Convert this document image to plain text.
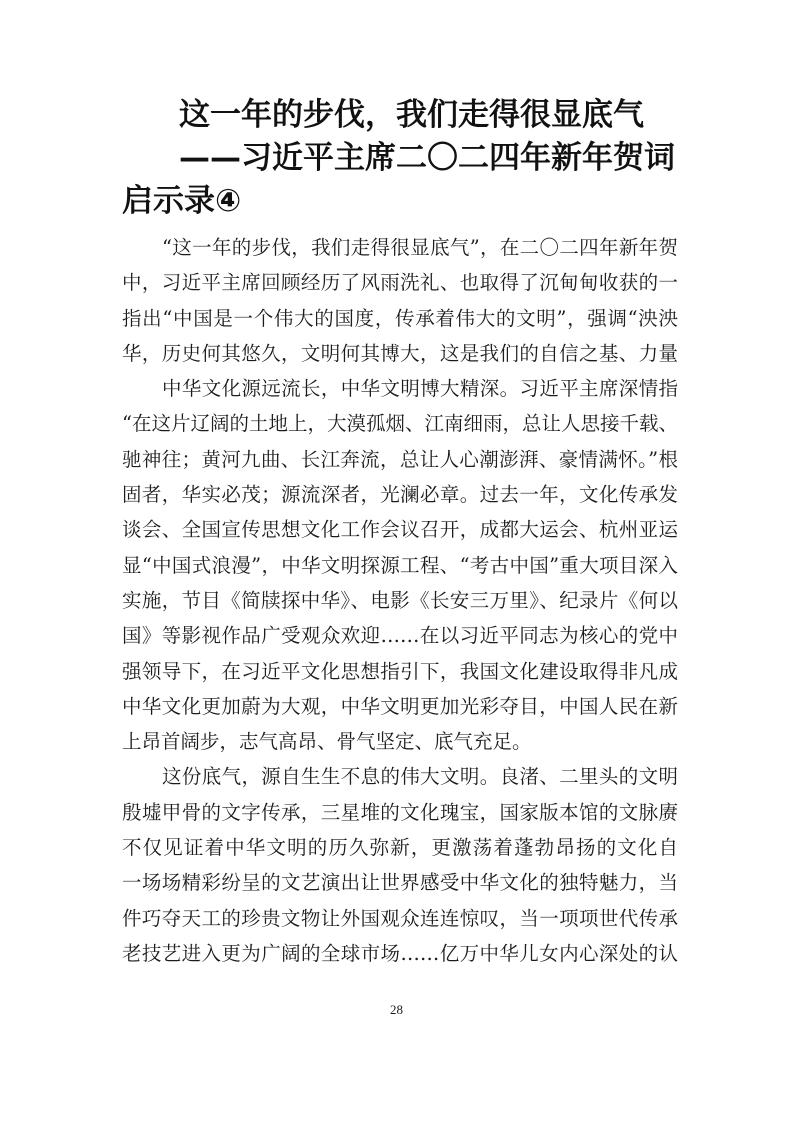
这一年的步伐，我们走得很显底气
——习近平主席二〇二四年新年贺词
启示录④
“这一年的步伐，我们走得很显底气”，在二〇二四年新年贺
中，习近平主席回顾经历了风雨洗礼、也取得了沉甸甸收获的一
指出“中国是一个伟大的国度，传承着伟大的文明”，强调“泱泱
华，历史何其悠久，文明何其博大，这是我们的自信之基、力量
中华文化源远流长，中华文明博大精深。习近平主席深情指
“在这片辽阔的土地上，大漠孤烟、江南细雨，总让人思接千载、
驰神往；黄河九曲、长江奔流，总让人心潮澎湃、豪情满怀。”根
固者，华实必茂；源流深者，光澜必章。过去一年，文化传承发
谈会、全国宣传思想文化工作会议召开，成都大运会、杭州亚运
显“中国式浪漫”，中华文明探源工程、“考古中国”重大项目深入
实施，节目《简牍探中华》、电影《长安三万里》、纪录片《何以
国》等影视作品广受观众欢迎……在以习近平同志为核心的党中
强领导下，在习近平文化思想指引下，我国文化建设取得非凡成
中华文化更加蔚为大观，中华文明更加光彩夺目，中国人民在新
上昂首阔步，志气高昂、骨气坚定、底气充足。
这份底气，源自生生不息的伟大文明。良渚、二里头的文明
殷墟甲骨的文字传承，三星堆的文化瑰宝，国家版本馆的文脉赓
不仅见证着中华文明的历久弥新，更激荡着蓬勃昂扬的文化自
一场场精彩纷呈的文艺演出让世界感受中华文化的独特魅力，当
件巧夺天工的珍贵文物让外国观众连连惊叹，当一项项世代传承
老技艺进入更为广阔的全球市场……亿万中华儿女内心深处的认
28
